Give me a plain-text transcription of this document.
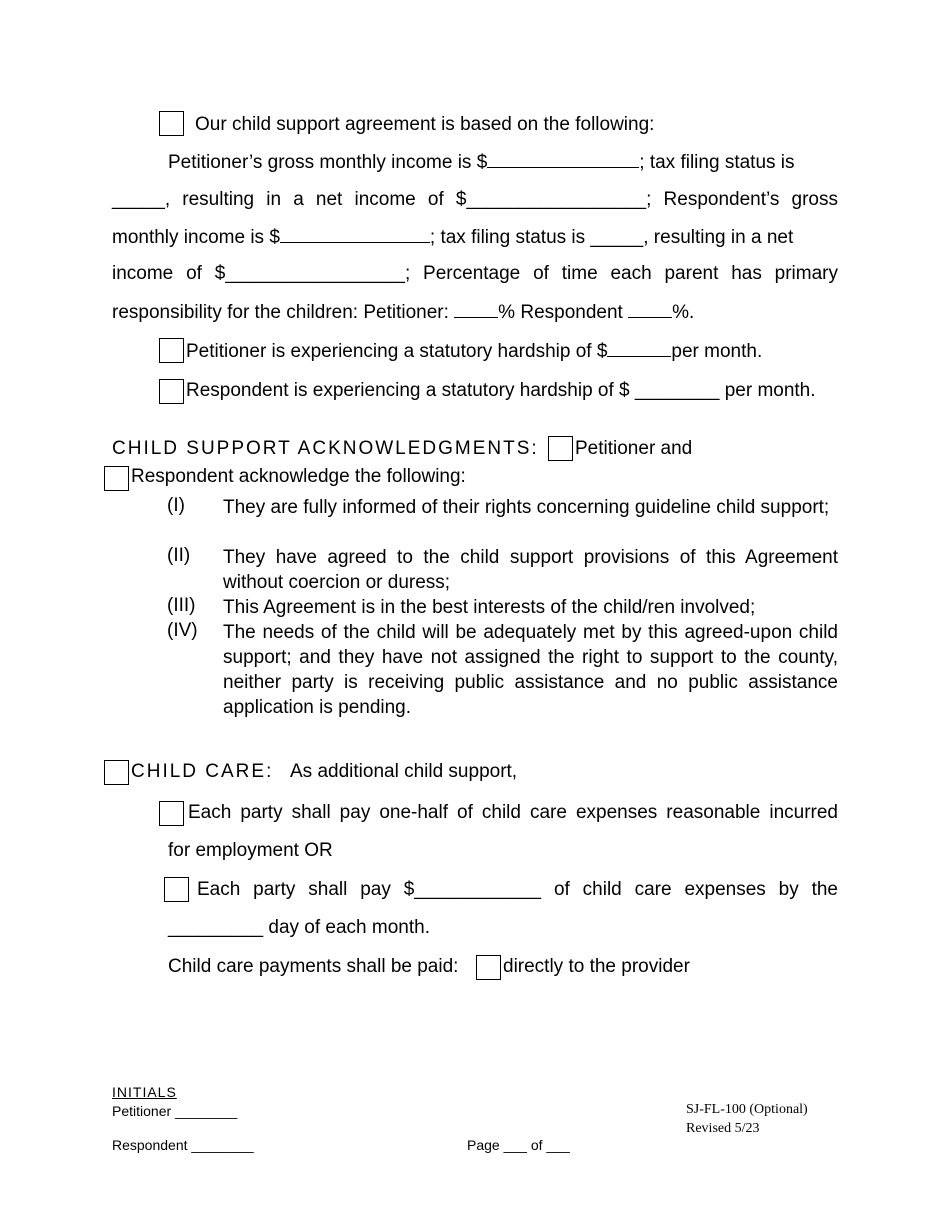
Our child support agreement is based on the following:
Petitioner’s gross monthly income is $	; tax filing status is
_____, resulting in a net income of $_________________; Respondent’s gross
monthly income is $	; tax filing status is _____, resulting in a net
income of $_________________; Percentage of time each parent has primary
responsibility for the children: Petitioner:	% Respondent	%.
Petitioner is experiencing a statutory hardship of $	per month.
Respondent is experiencing a statutory hardship of $ ________ per month.
CHILD SUPPORT ACKNOWLEDGMENTS: Petitioner and
Respondent acknowledge the following:
(I) They are fully informed of their rights concerning guideline child support;
(II) They have agreed to the child support provisions of this Agreement without coercion or duress;
(III) This Agreement is in the best interests of the child/ren involved;
(IV) The needs of the child will be adequately met by this agreed-upon child support; and they have not assigned the right to support to the county, neither party is receiving public assistance and no public assistance application is pending.
CHILD CARE: As additional child support,
Each party shall pay one-half of child care expenses reasonable incurred
for employment OR
Each party shall pay $____________ of child care expenses by the
_________ day of each month.
Child care payments shall be paid: directly to the provider
INITIALS
Petitioner ________
Respondent ________	Page ___ of ___
SJ-FL-100 (Optional)
Revised 5/23
